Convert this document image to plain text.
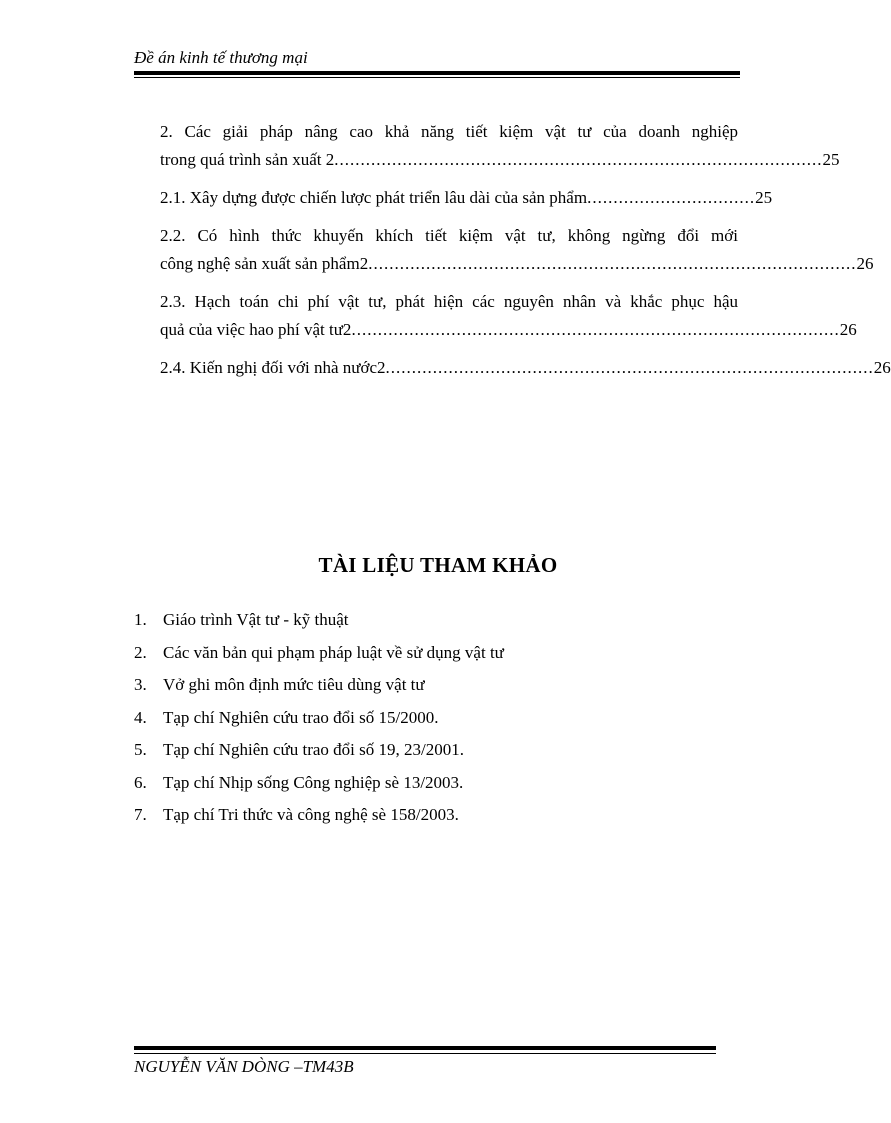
Đề án kinh tế thương mại
2. Các giải pháp nâng cao khả năng tiết kiệm vật tư của doanh nghiệp
trong quá trình sản xuất 2 ............................................................................................. 25
2.1. Xây dựng được chiến lược phát triển lâu dài của sản phẩm ................................ 25
2.2. Có hình thức khuyến khích tiết kiệm vật tư, không ngừng đổi mới
công nghệ sản xuất sản phẩm2 ............................................................................................. 26
2.3. Hạch toán chi phí vật tư, phát hiện các nguyên nhân và khắc phục hậu
quả của việc hao phí vật tư2 ............................................................................................. 26
2.4. Kiến nghị đối với nhà nước2 ............................................................................................. 26
TÀI LIỆU THAM KHẢO
1. Giáo trình Vật tư - kỹ thuật
2. Các văn bản qui phạm pháp luật về sử dụng vật tư
3. Vở ghi môn định mức tiêu dùng vật tư
4. Tạp chí Nghiên cứu trao đổi số 15/2000.
5. Tạp chí Nghiên cứu trao đổi số 19, 23/2001.
6. Tạp chí Nhịp sống Công nghiệp sè 13/2003.
7. Tạp chí Tri thức và công nghệ sè 158/2003.
NGUYỄN VĂN DÒNG –TM43B
